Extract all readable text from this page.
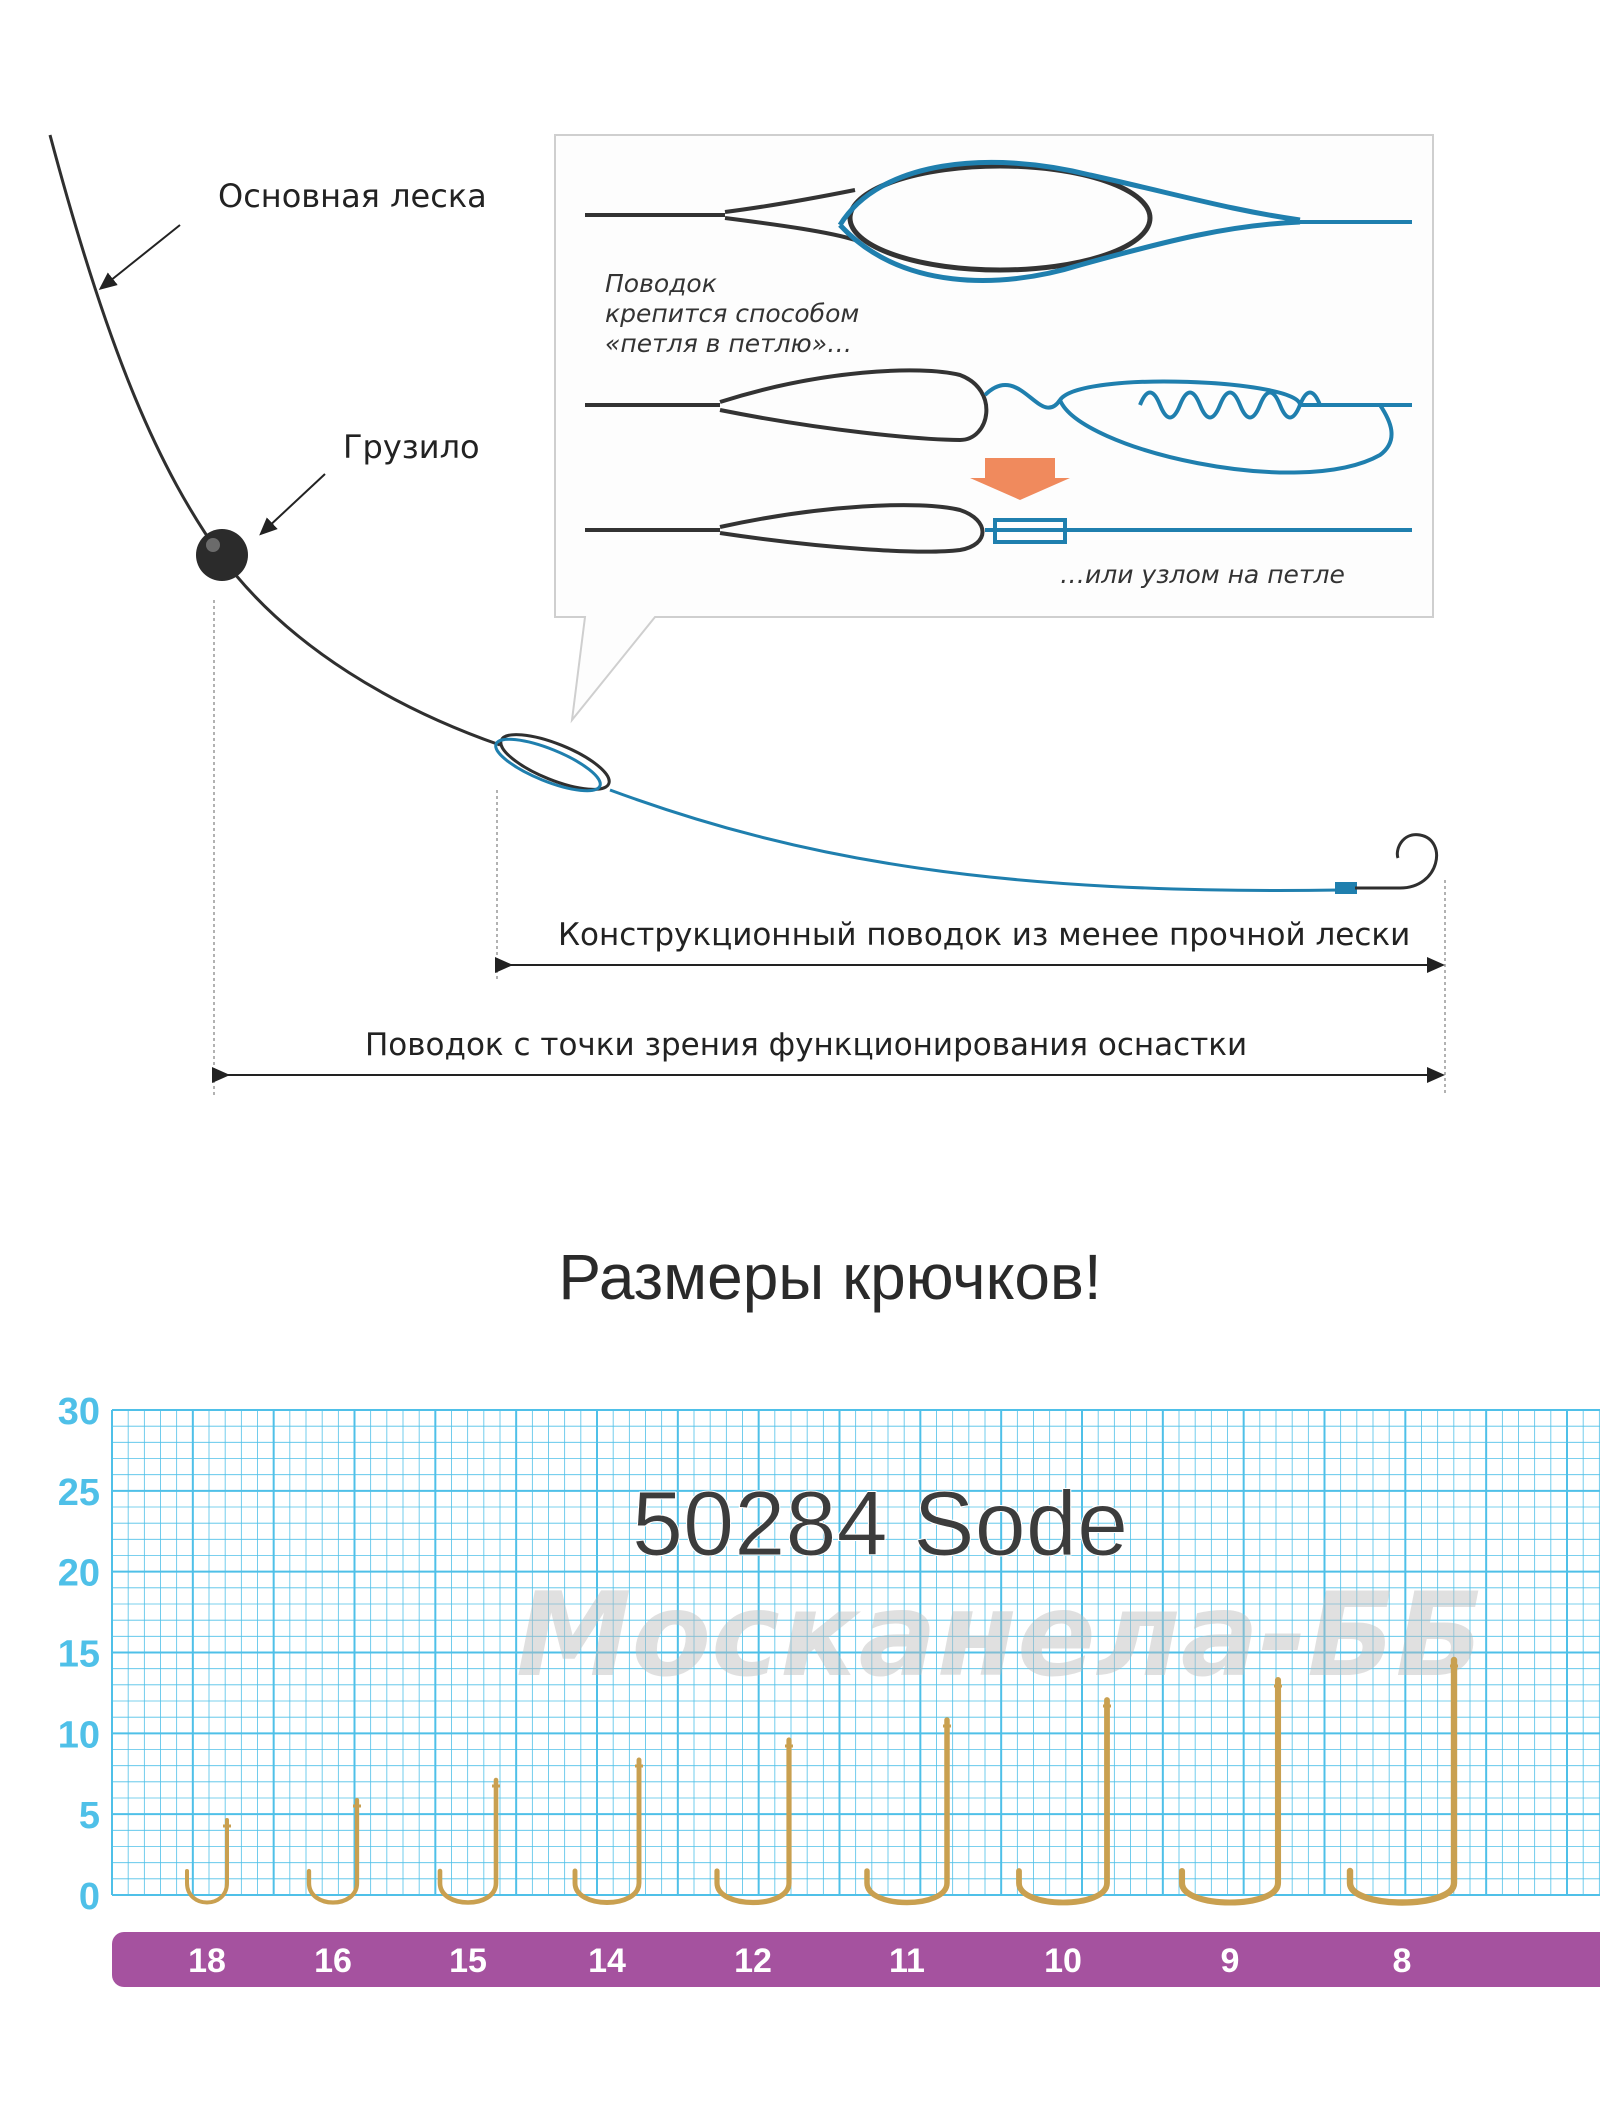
Основная леска
Грузило
Поводок
крепится способом
«петля в петлю»…
…или узлом на петле
Конструкционный поводок из менее прочной лески
Поводок с точки зрения функционирования оснастки
Размеры крючков!
30
25
20
15
10
5
0
Москанела-ББ
50284 Sode
18	16	15	14	12	11	10	9	8
